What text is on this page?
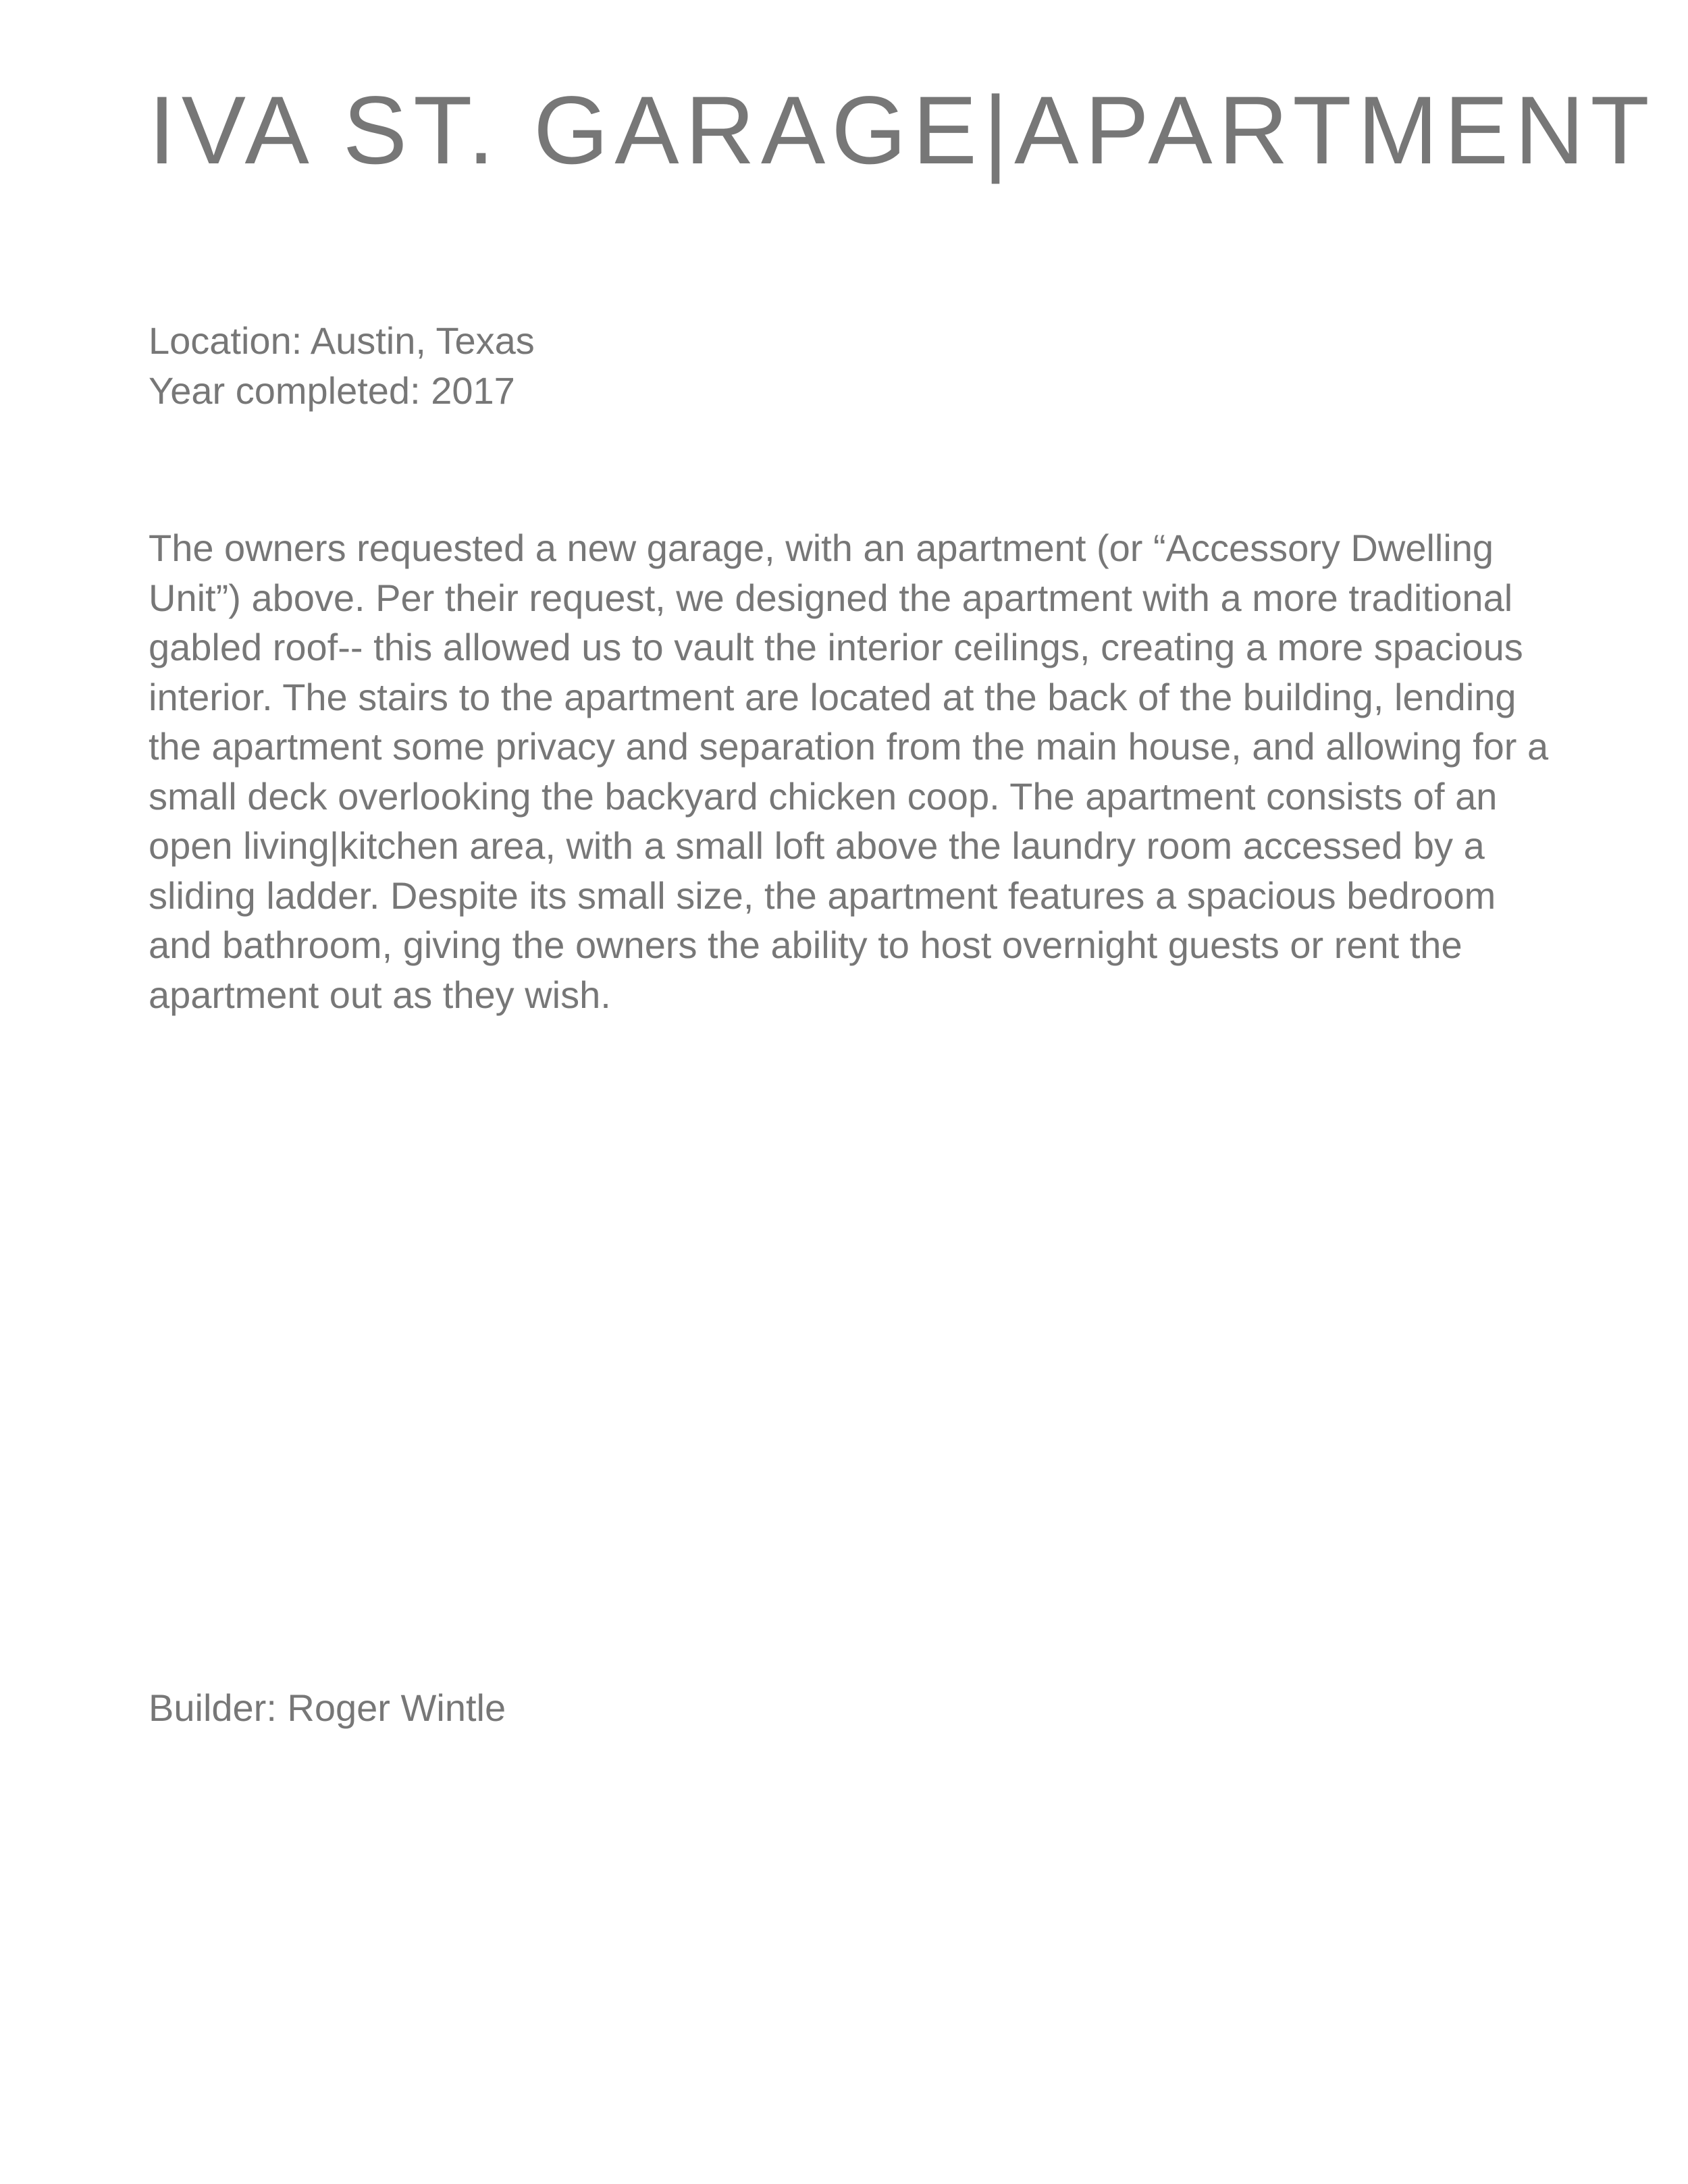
IVA ST. GARAGE|APARTMENT
Location: Austin, Texas
Year completed: 2017

The owners requested a new garage, with an apartment (or “Accessory Dwelling Unit”) above. Per their request, we designed the apartment with a more traditional gabled roof-- this allowed us to vault the interior ceilings, creating a more spacious interior. The stairs to the apartment are located at the back of the building, lending the apartment some privacy and separation from the main house, and allowing for a small deck overlooking the backyard chicken coop. The apartment consists of an open living|kitchen area, with a small loft above the laundry room accessed by a sliding ladder. Despite its small size, the apartment features a spacious bedroom and bathroom, giving the owners the ability to host overnight guests or rent the apartment out as they wish.

Builder: Roger Wintle
